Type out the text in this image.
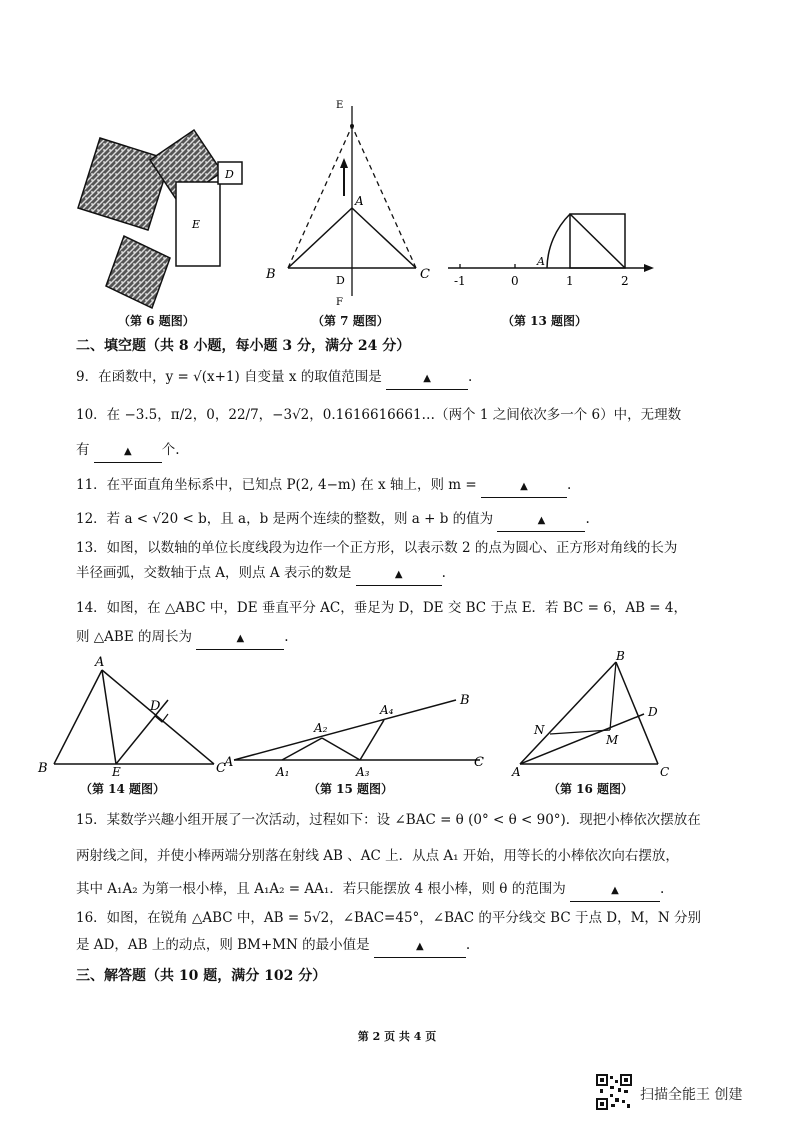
E
D
（第 6 题图）
E
A
B	C
D
F
（第 7 题图）
A
-1	0	1	2
（第 13 题图）
二、填空题（共 8 小题，每小题 3 分，满分 24 分）
9．在函数中，y = √(x+1) 自变量 x 的取值范围是	▲	.
10．在 −3.5，π/2，0，22/7，−3√2，0.1616616661…（两个 1 之间依次多一个 6）中，无理数
有	▲ 个.
11．在平面直角坐标系中，已知点 P(2, 4−m) 在 x 轴上，则 m =	▲	.
12．若 a < √20 < b，且 a，b 是两个连续的整数，则 a + b 的值为	▲	.
13．如图，以数轴的单位长度线段为边作一个正方形，以表示数 2 的点为圆心、正方形对角线的长为
半径画弧，交数轴于点 A，则点 A 表示的数是	▲	.
14．如图，在 △ABC 中，DE 垂直平分 AC，垂足为 D，DE 交 BC 于点 E．若 BC = 6，AB = 4，
则 △ABE 的周长为	▲	.
A
B	C
D
E
（第 14 题图）
A
B
C
A₁
A₂
A₃
A₄
（第 15 题图）
A
B
C
D
M
N
（第 16 题图）
15．某数学兴趣小组开展了一次活动，过程如下：设 ∠BAC = θ (0° < θ < 90°)．现把小棒依次摆放在
两射线之间，并使小棒两端分别落在射线 AB 、AC 上．从点 A₁ 开始，用等长的小棒依次向右摆放，
其中 A₁A₂ 为第一根小棒，且 A₁A₂ = AA₁．若只能摆放 4 根小棒，则 θ 的范围为	▲	.
16．如图，在锐角 △ABC 中，AB = 5√2，∠BAC=45°，∠BAC 的平分线交 BC 于点 D，M，N 分别
是 AD，AB 上的动点，则 BM+MN 的最小值是	▲	.
三、解答题（共 10 题，满分 102 分）
第 2 页 共 4 页
扫描全能王 创建
